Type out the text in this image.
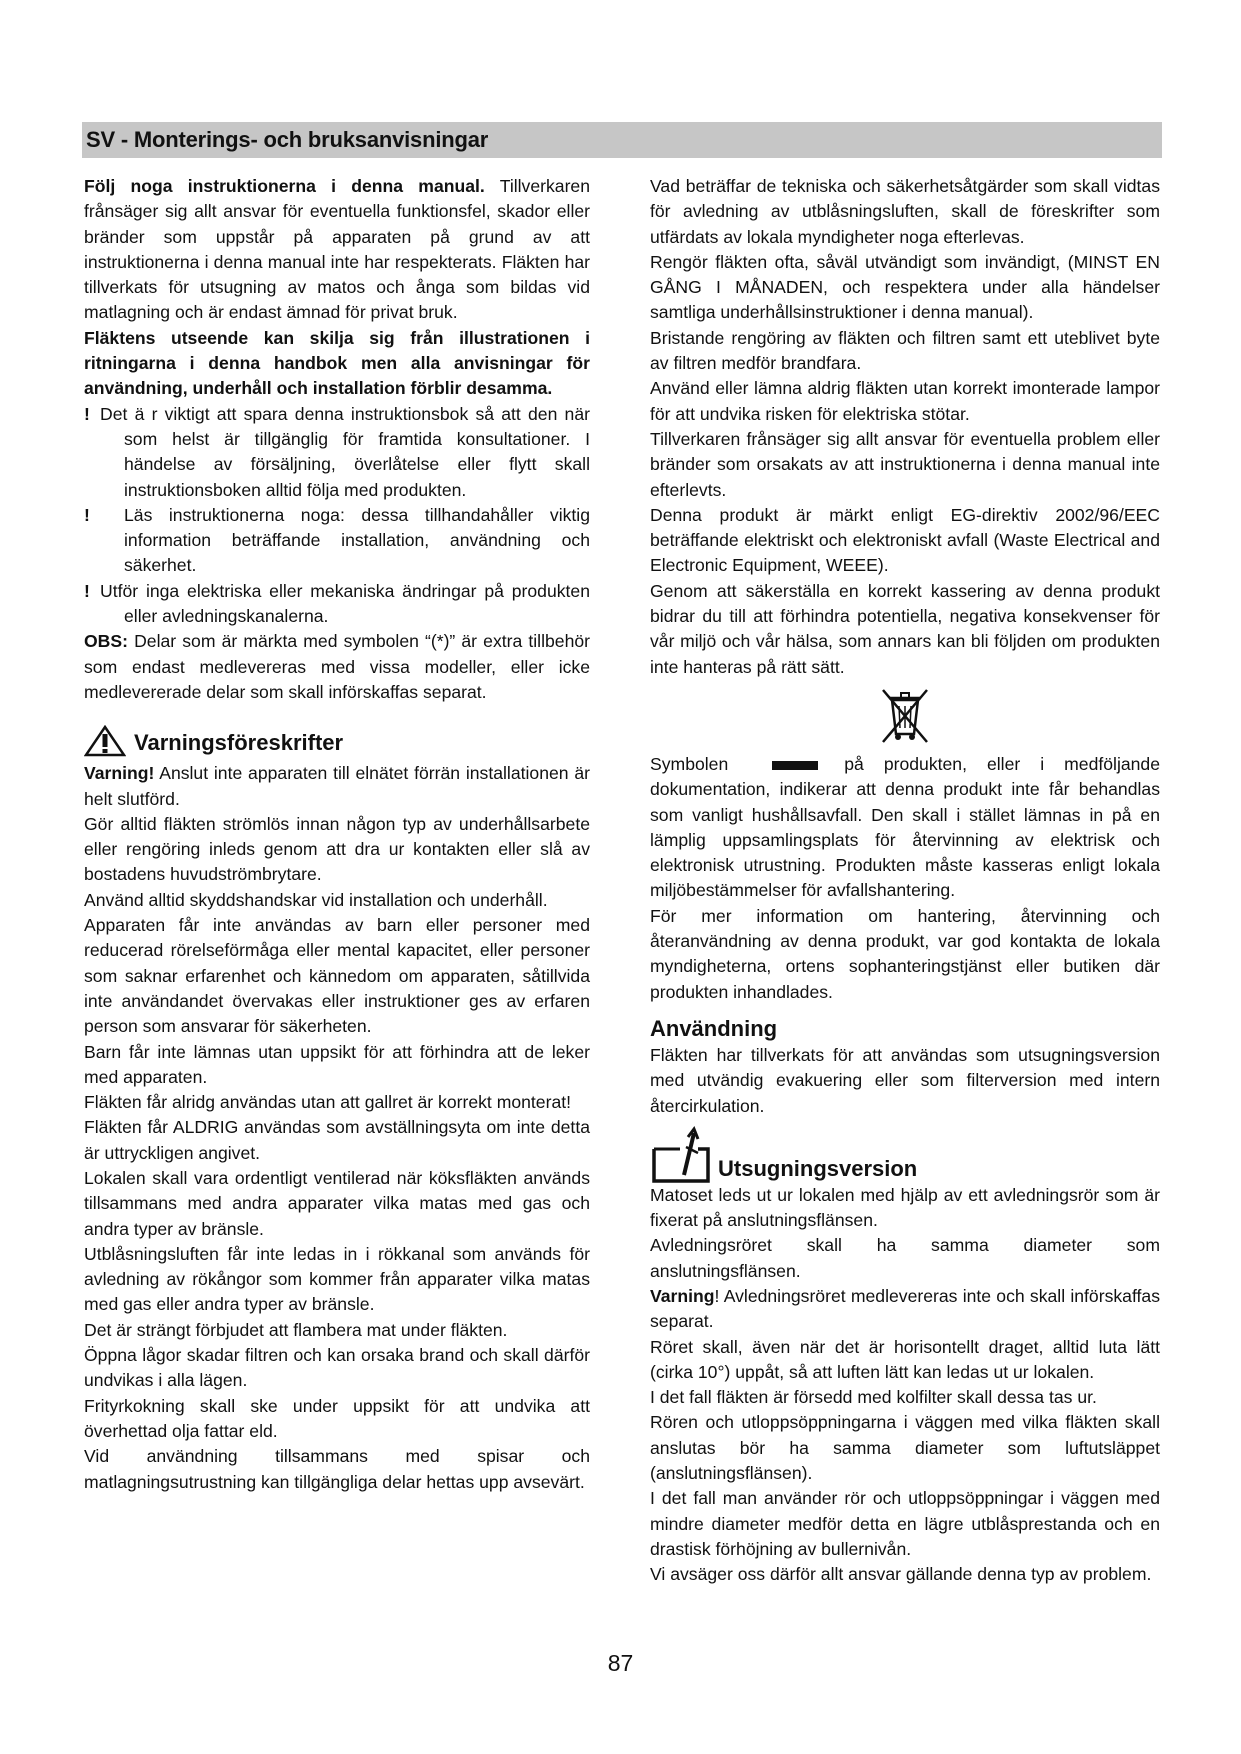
SV - Monterings- och bruksanvisningar

Följ noga instruktionerna i denna manual. Tillverkaren frånsäger sig allt ansvar för eventuella funktionsfel, skador eller bränder som uppstår på apparaten på grund av att instruktionerna i denna manual inte har respekterats. Fläkten har tillverkats för utsugning av matos och ånga som bildas vid matlagning och är endast ämnad för privat bruk.

Fläktens utseende kan skilja sig från illustrationen i ritningarna i denna handbok men alla anvisningar för användning, underhåll och installation förblir desamma.

! Det ä r viktigt att spara denna instruktionsbok så att den när som helst är tillgänglig för framtida konsultationer. I händelse av försäljning, överlåtelse eller flytt skall instruktionsboken alltid följa med produkten.

! Läs instruktionerna noga: dessa tillhandahåller viktig information beträffande installation, användning och säkerhet.

! Utför inga elektriska eller mekaniska ändringar på produkten eller avledningskanalerna.

OBS: Delar som är märkta med symbolen “(*)” är extra tillbehör som endast medlevereras med vissa modeller, eller icke medlevererade delar som skall införskaffas separat.

Varningsföreskrifter

Varning! Anslut inte apparaten till elnätet förrän installationen är helt slutförd.

Gör alltid fläkten strömlös innan någon typ av underhållsarbete eller rengöring inleds genom att dra ur kontakten eller slå av bostadens huvudströmbrytare.

Använd alltid skyddshandskar vid installation och underhåll.

Apparaten får inte användas av barn eller personer med reducerad rörelseförmåga eller mental kapacitet, eller personer som saknar erfarenhet och kännedom om apparaten, såtillvida inte användandet övervakas eller instruktioner ges av erfaren person som ansvarar för säkerheten.

Barn får inte lämnas utan uppsikt för att förhindra att de leker med apparaten.

Fläkten får alridg användas utan att gallret är korrekt monterat!

Fläkten får ALDRIG användas som avställningsyta om inte detta är uttryckligen angivet.

Lokalen skall vara ordentligt ventilerad när köksfläkten används tillsammans med andra apparater vilka matas med gas och andra typer av bränsle.

Utblåsningsluften får inte ledas in i rökkanal som används för avledning av rökångor som kommer från apparater vilka matas med gas eller andra typer av bränsle.

Det är strängt förbjudet att flambera mat under fläkten.

Öppna lågor skadar filtren och kan orsaka brand och skall därför undvikas i alla lägen.

Frityrkokning skall ske under uppsikt för att undvika att överhettad olja fattar eld.

Vid användning tillsammans med spisar och matlagningsutrustning kan tillgängliga delar hettas upp avsevärt.

Vad beträffar de tekniska och säkerhetsåtgärder som skall vidtas för avledning av utblåsningsluften, skall de föreskrifter som utfärdats av lokala myndigheter noga efterlevas.

Rengör fläkten ofta, såväl utvändigt som invändigt, (MINST EN GÅNG I MÅNADEN, och respektera under alla händelser samtliga underhållsinstruktioner i denna manual).

Bristande rengöring av fläkten och filtren samt ett uteblivet byte av filtren medför brandfara.

Använd eller lämna aldrig fläkten utan korrekt imonterade lampor för att undvika risken för elektriska stötar.

Tillverkaren frånsäger sig allt ansvar för eventuella problem eller bränder som orsakats av att instruktionerna i denna manual inte efterlevts.

Denna produkt är märkt enligt EG-direktiv 2002/96/EEC beträffande elektriskt och elektroniskt avfall (Waste Electrical and Electronic Equipment, WEEE).

Genom att säkerställa en korrekt kassering av denna produkt bidrar du till att förhindra potentiella, negativa konsekvenser för vår miljö och vår hälsa, som annars kan bli följden om produkten inte hanteras på rätt sätt.

Symbolen	på produkten, eller i medföljande dokumentation, indikerar att denna produkt inte får behandlas som vanligt hushållsavfall. Den skall i stället lämnas in på en lämplig uppsamlingsplats för återvinning av elektrisk och elektronisk utrustning. Produkten måste kasseras enligt lokala miljöbestämmelser för avfallshantering.

För mer information om hantering, återvinning och återanvändning av denna produkt, var god kontakta de lokala myndigheterna, ortens sophanteringstjänst eller butiken där produkten inhandlades.

Användning

Fläkten har tillverkats för att användas som utsugningsversion med utvändig evakuering eller som filterversion med intern återcirkulation.

Utsugningsversion

Matoset leds ut ur lokalen med hjälp av ett avledningsrör som är fixerat på anslutningsflänsen.

Avledningsröret skall ha samma diameter som anslutningsflänsen.

Varning! Avledningsröret medlevereras inte och skall införskaffas separat.

Röret skall, även när det är horisontellt draget, alltid luta lätt (cirka 10°) uppåt, så att luften lätt kan ledas ut ur lokalen.

I det fall fläkten är försedd med kolfilter skall dessa tas ur.

Rören och utloppsöppningarna i väggen med vilka fläkten skall anslutas bör ha samma diameter som luftutsläppet (anslutningsflänsen).

I det fall man använder rör och utloppsöppningar i väggen med mindre diameter medför detta en lägre utblåsprestanda och en drastisk förhöjning av bullernivån.

Vi avsäger oss därför allt ansvar gällande denna typ av problem.

87
